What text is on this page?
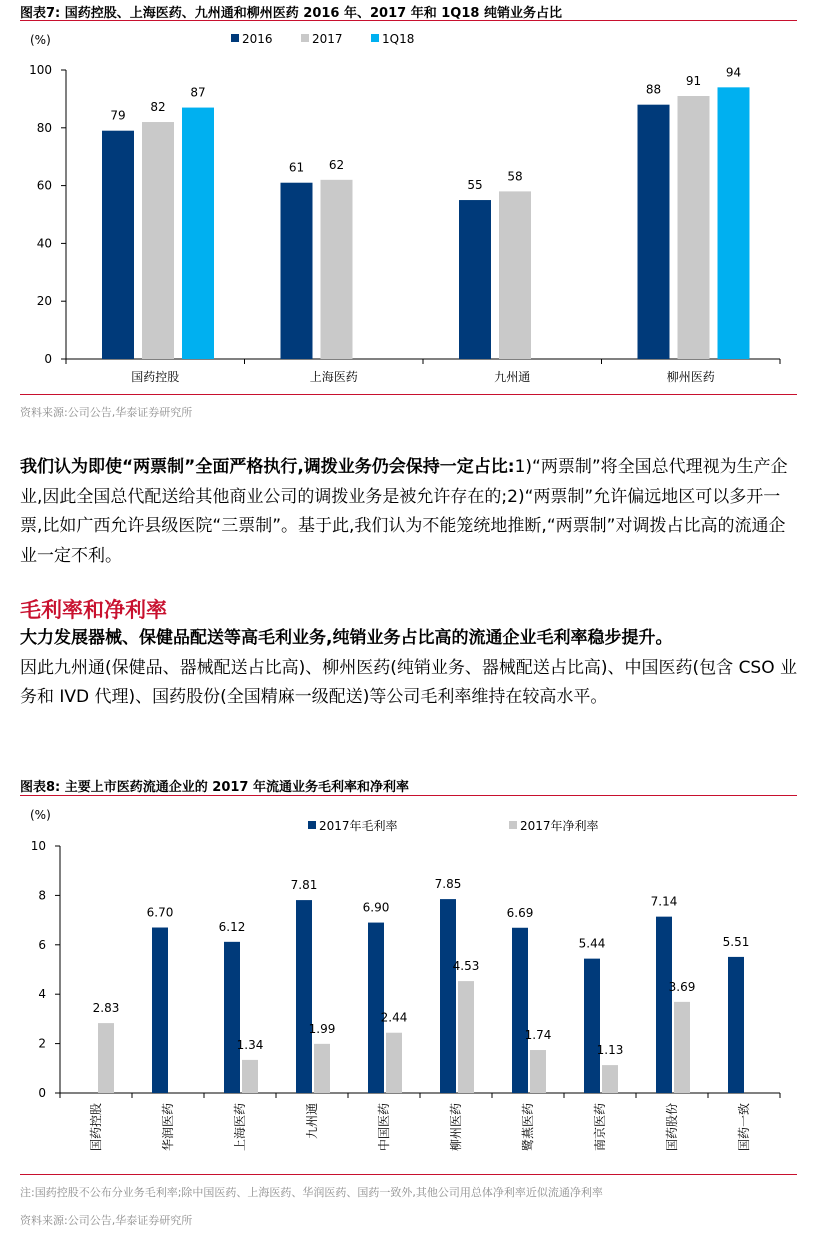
图表7: 国药控股、上海医药、九州通和柳州医药 2016 年、2017 年和 1Q18 纯销业务占比
(%)
0
20
40
60
80
100
2016	2017	1Q18
79
82
87
国药控股
61 62
上海医药
55
58
九州通
88
91
94
柳州医药
资料来源:公司公告,华泰证券研究所
我们认为即使“两票制”全面严格执行,调拨业务仍会保持一定占比:1)“两票制”将全国总代理视为生产企业,因此全国总代配送给其他商业公司的调拨业务是被允许存在的;2)“两票制”允许偏远地区可以多开一票,比如广西允许县级医院“三票制”。基于此,我们认为不能笼统地推断,“两票制”对调拨占比高的流通企业一定不利。
毛利率和净利率
大力发展器械、保健品配送等高毛利业务,纯销业务占比高的流通企业毛利率稳步提升。
因此九州通(保健品、器械配送占比高)、柳州医药(纯销业务、器械配送占比高)、中国医药(包含 CSO 业务和 IVD 代理)、国药股份(全国精麻一级配送)等公司毛利率维持在较高水平。
图表8: 主要上市医药流通企业的 2017 年流通业务毛利率和净利率
(%)
0
2
4
6
8
10
2017年毛利率	2017年净利率
2.83
国药控股
6.70
华润医药
6.12
1.34
上海医药
7.81
1.99
九州通
6.90
2.44
中国医药
7.85
4.53
柳州医药
6.69
1.74
鹭燕医药
5.44
1.13
南京医药
7.14
3.69
国药股份
5.51
国药一致
注:国药控股不公布分业务毛利率;除中国医药、上海医药、华润医药、国药一致外,其他公司用总体净利率近似流通净利率
资料来源:公司公告,华泰证券研究所
